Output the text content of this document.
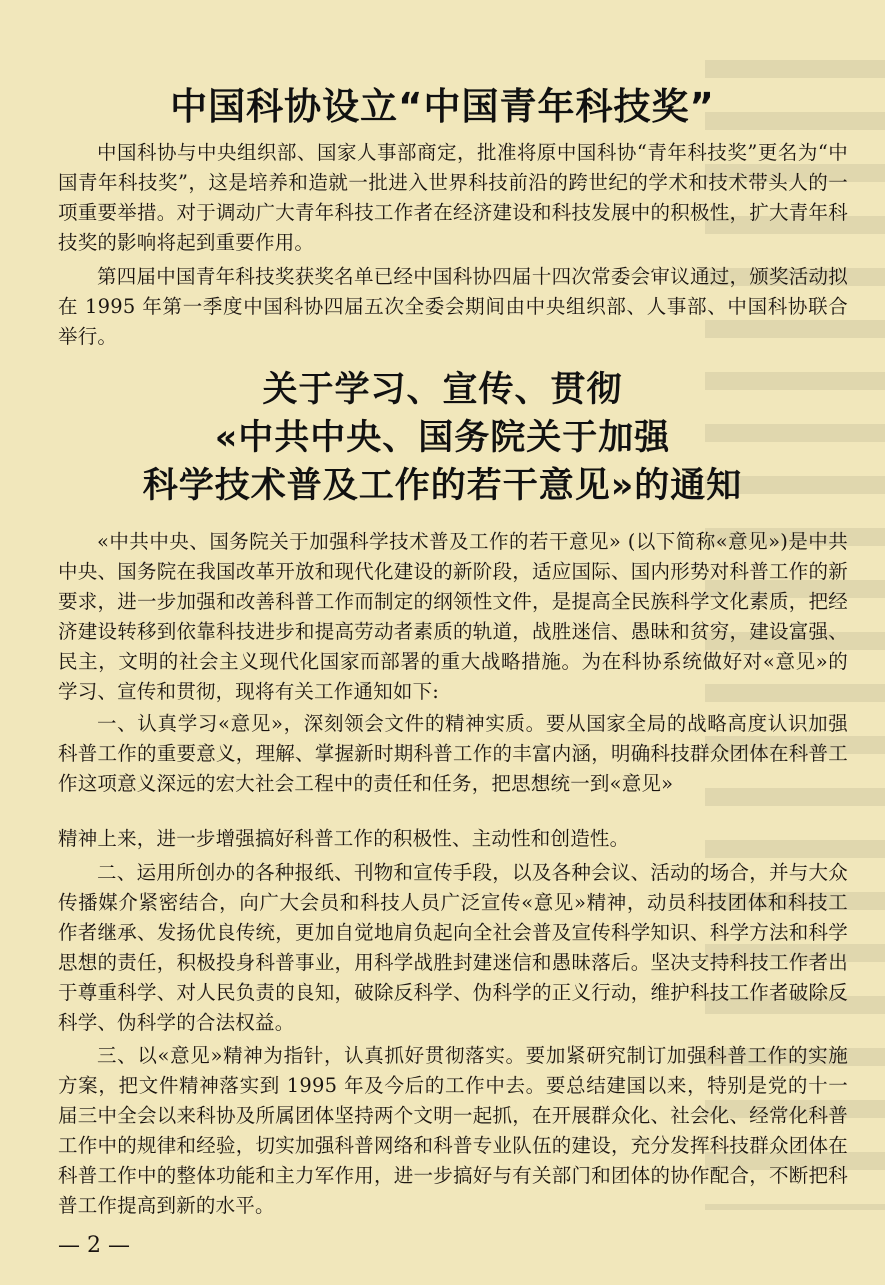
中国科协设立“中国青年科技奖”

中国科协与中央组织部、国家人事部商定，批准将原中国科协“青年科技奖”更名为“中国青年科技奖”，这是培养和造就一批进入世界科技前沿的跨世纪的学术和技术带头人的一项重要举措。对于调动广大青年科技工作者在经济建设和科技发展中的积极性，扩大青年科技奖的影响将起到重要作用。

第四届中国青年科技奖获奖名单已经中国科协四届十四次常委会审议通过，颁奖活动拟在 1995 年第一季度中国科协四届五次全委会期间由中央组织部、人事部、中国科协联合举行。

关于学习、宣传、贯彻
«中共中央、国务院关于加强
科学技术普及工作的若干意见»的通知

«中共中央、国务院关于加强科学技术普及工作的若干意见» (以下简称«意见»)是中共中央、国务院在我国改革开放和现代化建设的新阶段，适应国际、国内形势对科普工作的新要求，进一步加强和改善科普工作而制定的纲领性文件，是提高全民族科学文化素质，把经济建设转移到依靠科技进步和提高劳动者素质的轨道，战胜迷信、愚昧和贫穷，建设富强、民主，文明的社会主义现代化国家而部署的重大战略措施。为在科协系统做好对«意见»的学习、宣传和贯彻，现将有关工作通知如下:

一、认真学习«意见»，深刻领会文件的精神实质。要从国家全局的战略高度认识加强科普工作的重要意义，理解、掌握新时期科普工作的丰富内涵，明确科技群众团体在科普工作这项意义深远的宏大社会工程中的责任和任务，把思想统一到«意见»

精神上来，进一步增强搞好科普工作的积极性、主动性和创造性。

二、运用所创办的各种报纸、刊物和宣传手段，以及各种会议、活动的场合，并与大众传播媒介紧密结合，向广大会员和科技人员广泛宣传«意见»精神，动员科技团体和科技工作者继承、发扬优良传统，更加自觉地肩负起向全社会普及宣传科学知识、科学方法和科学思想的责任，积极投身科普事业，用科学战胜封建迷信和愚昧落后。坚决支持科技工作者出于尊重科学、对人民负责的良知，破除反科学、伪科学的正义行动，维护科技工作者破除反科学、伪科学的合法权益。

三、以«意见»精神为指针，认真抓好贯彻落实。要加紧研究制订加强科普工作的实施方案，把文件精神落实到 1995 年及今后的工作中去。要总结建国以来，特别是党的十一届三中全会以来科协及所属团体坚持两个文明一起抓，在开展群众化、社会化、经常化科普工作中的规律和经验，切实加强科普网络和科普专业队伍的建设，充分发挥科技群众团体在科普工作中的整体功能和主力军作用，进一步搞好与有关部门和团体的协作配合，不断把科普工作提高到新的水平。

— 2 —
